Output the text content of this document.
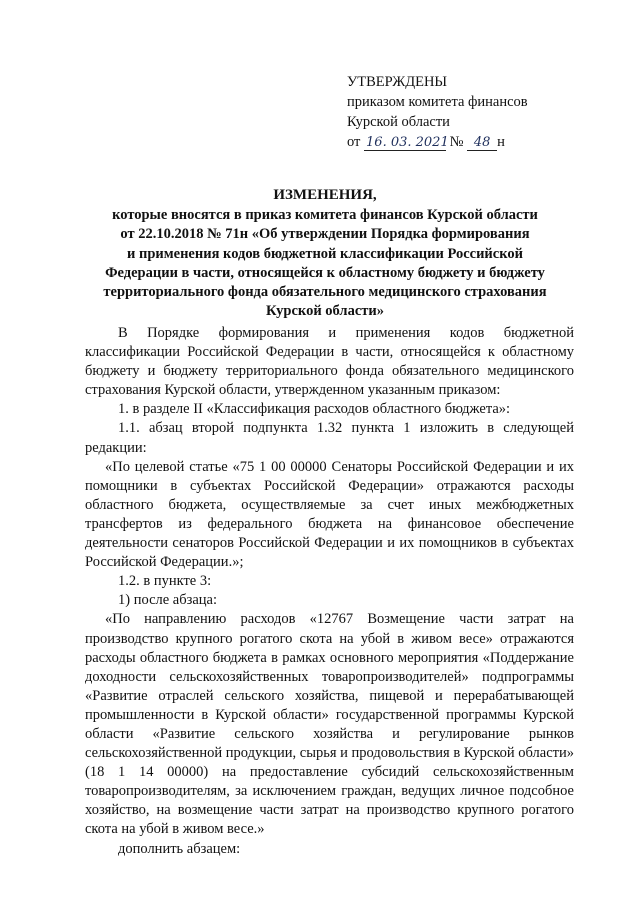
УТВЕРЖДЕНЫ
приказом комитета финансов
Курской области
от 16. 03. 2021 № 48 н
ИЗМЕНЕНИЯ,
которые вносятся в приказ комитета финансов Курской области
от 22.10.2018 № 71н «Об утверждении Порядка формирования
и применения кодов бюджетной классификации Российской
Федерации в части, относящейся к областному бюджету и бюджету
территориального фонда обязательного медицинского страхования
Курской области»

В Порядке формирования и применения кодов бюджетной классификации Российской Федерации в части, относящейся к областному бюджету и бюджету территориального фонда обязательного медицинского страхования Курской области, утвержденном указанным приказом:

1. в разделе II «Классификация расходов областного бюджета»:

1.1. абзац второй подпункта 1.32 пункта 1 изложить в следующей редакции:

«По целевой статье «75 1 00 00000 Сенаторы Российской Федерации и их помощники в субъектах Российской Федерации» отражаются расходы областного бюджета, осуществляемые за счет иных межбюджетных трансфертов из федерального бюджета на финансовое обеспечение деятельности сенаторов Российской Федерации и их помощников в субъектах Российской Федерации.»;

1.2. в пункте 3:

1) после абзаца:

«По направлению расходов «12767 Возмещение части затрат на производство крупного рогатого скота на убой в живом весе» отражаются расходы областного бюджета в рамках основного мероприятия «Поддержание доходности сельскохозяйственных товаропроизводителей» подпрограммы «Развитие отраслей сельского хозяйства, пищевой и перерабатывающей промышленности в Курской области» государственной программы Курской области «Развитие сельского хозяйства и регулирование рынков сельскохозяйственной продукции, сырья и продовольствия в Курской области» (18 1 14 00000) на предоставление субсидий сельскохозяйственным товаропроизводителям, за исключением граждан, ведущих личное подсобное хозяйство, на возмещение части затрат на производство крупного рогатого скота на убой в живом весе.»

дополнить абзацем:
